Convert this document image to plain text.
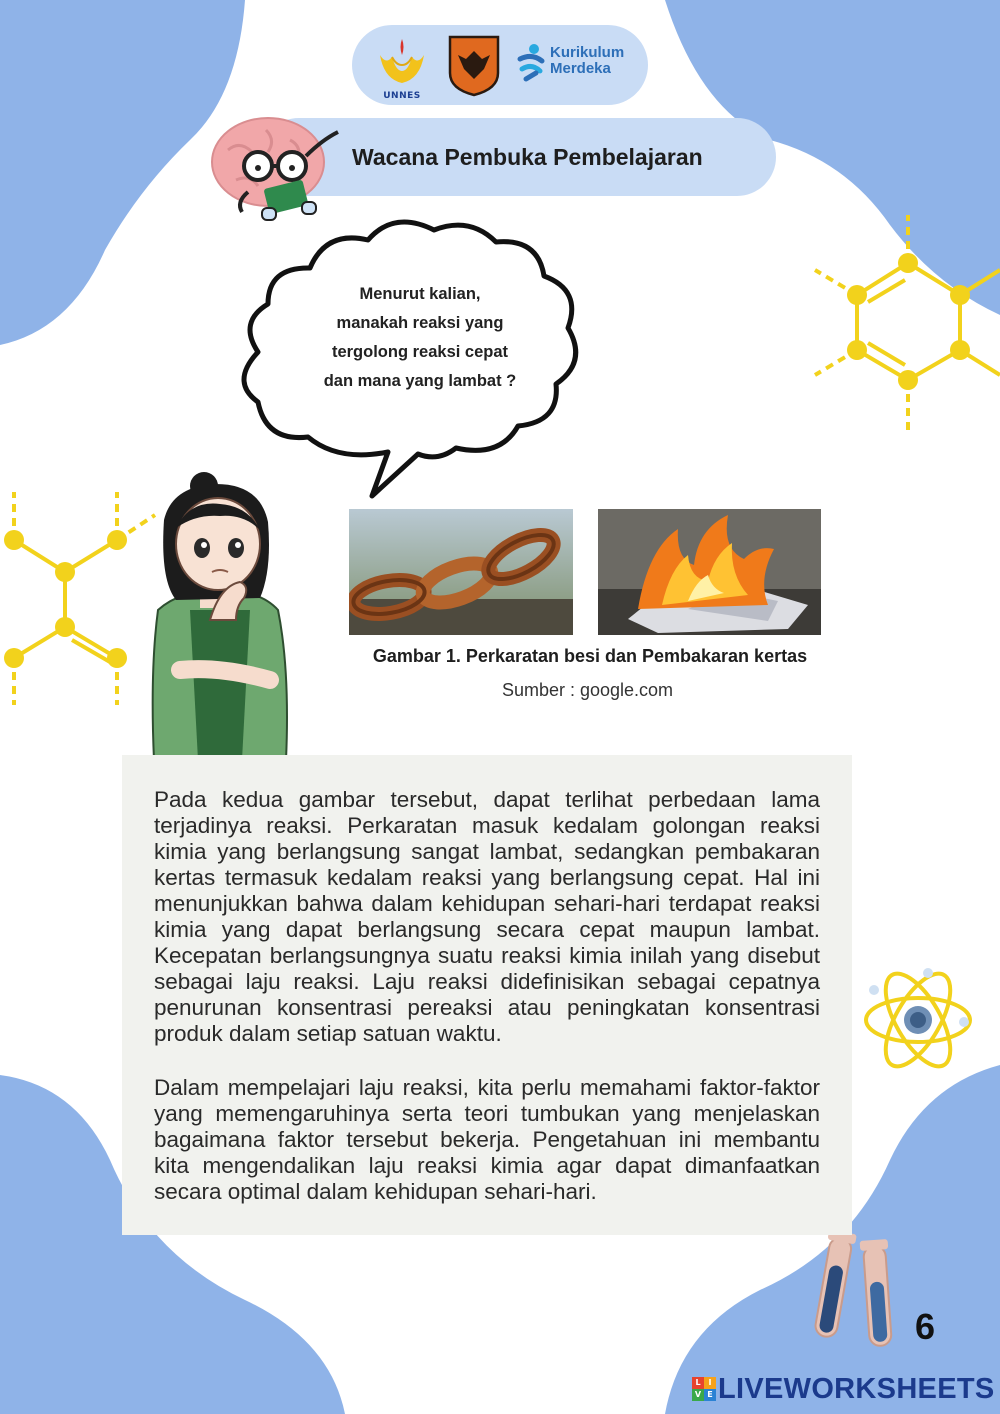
UNNES
Kurikulum
Merdeka
Wacana Pembuka Pembelajaran
Menurut kalian,
manakah reaksi yang
tergolong reaksi cepat
dan mana yang lambat ?
Gambar 1. Perkaratan besi dan Pembakaran kertas
Sumber : google.com

Pada kedua gambar tersebut, dapat terlihat perbedaan lama terjadinya reaksi. Perkaratan masuk kedalam golongan reaksi kimia yang berlangsung sangat lambat, sedangkan pembakaran kertas termasuk kedalam reaksi yang berlangsung cepat. Hal ini menunjukkan bahwa dalam kehidupan sehari-hari terdapat reaksi kimia yang dapat berlangsung secara cepat maupun lambat. Kecepatan berlangsungnya suatu reaksi kimia inilah yang disebut sebagai laju reaksi. Laju reaksi didefinisikan sebagai cepatnya penurunan konsentrasi pereaksi atau peningkatan konsentrasi produk dalam setiap satuan waktu.

Dalam mempelajari laju reaksi, kita perlu memahami faktor-faktor yang memengaruhinya serta teori tumbukan yang menjelaskan bagaimana faktor tersebut bekerja. Pengetahuan ini membantu kita mengendalikan laju reaksi kimia agar dapat dimanfaatkan secara optimal dalam kehidupan sehari-hari.

6
L I
V E LIVEWORKSHEETS
